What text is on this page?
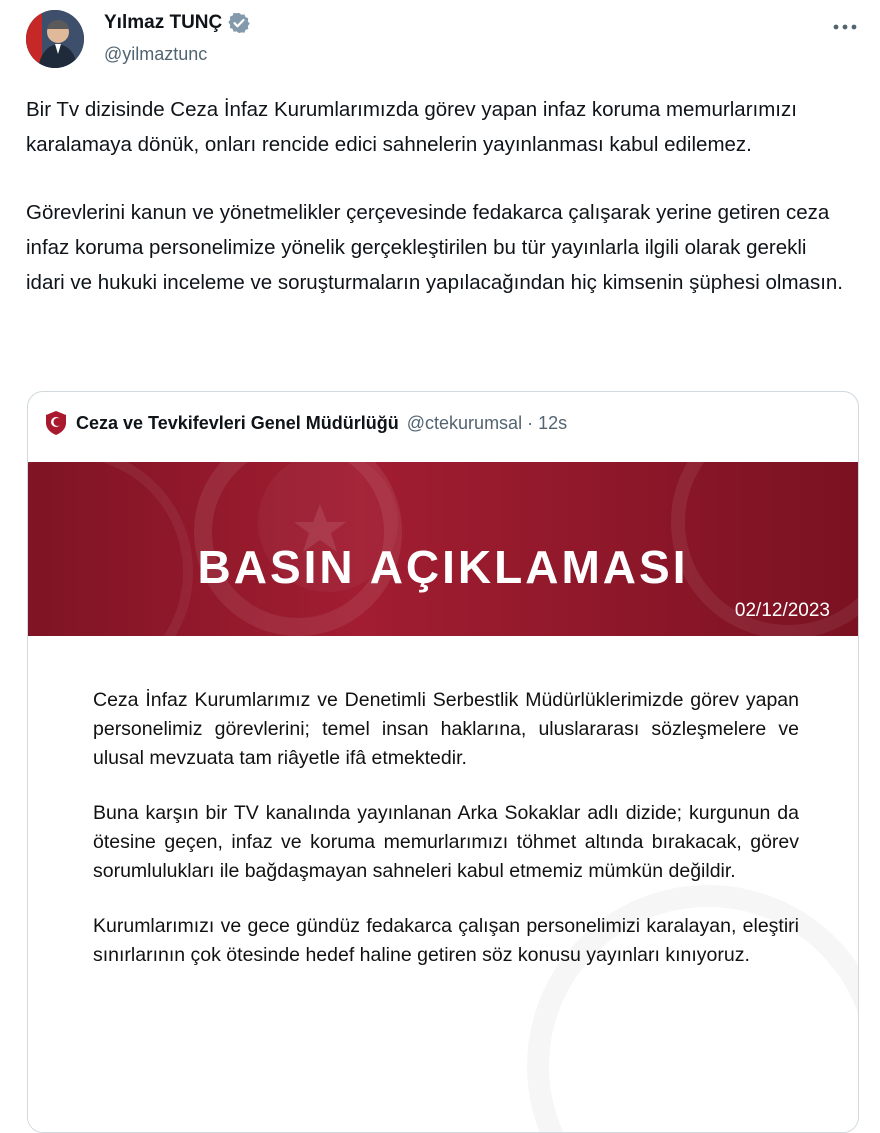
Yılmaz TUNÇ
@yilmaztunc

Bir Tv dizisinde Ceza İnfaz Kurumlarımızda görev yapan infaz koruma memurlarımızı karalamaya dönük, onları rencide edici sahnelerin yayınlanması kabul edilemez.

Görevlerini kanun ve yönetmelikler çerçevesinde fedakarca çalışarak yerine getiren ceza infaz koruma personelimize yönelik gerçekleştirilen bu tür yayınlarla ilgili olarak gerekli idari ve hukuki inceleme ve soruşturmaların yapılacağından hiç kimsenin şüphesi olmasın.

Ceza ve Tevkifevleri Genel Müdürlüğü @ctekurumsal · 12s
BASIN AÇIKLAMASI
02/12/2023

Ceza İnfaz Kurumlarımız ve Denetimli Serbestlik Müdürlüklerimizde görev yapan personelimiz görevlerini; temel insan haklarına, uluslararası sözleşmelere ve ulusal mevzuata tam riâyetle ifâ etmektedir.

Buna karşın bir TV kanalında yayınlanan Arka Sokaklar adlı dizide; kurgunun da ötesine geçen, infaz ve koruma memurlarımızı töhmet altında bırakacak, görev sorumlulukları ile bağdaşmayan sahneleri kabul etmemiz mümkün değildir.

Kurumlarımızı ve gece gündüz fedakarca çalışan personelimizi karalayan, eleştiri sınırlarının çok ötesinde hedef haline getiren söz konusu yayınları kınıyoruz.
